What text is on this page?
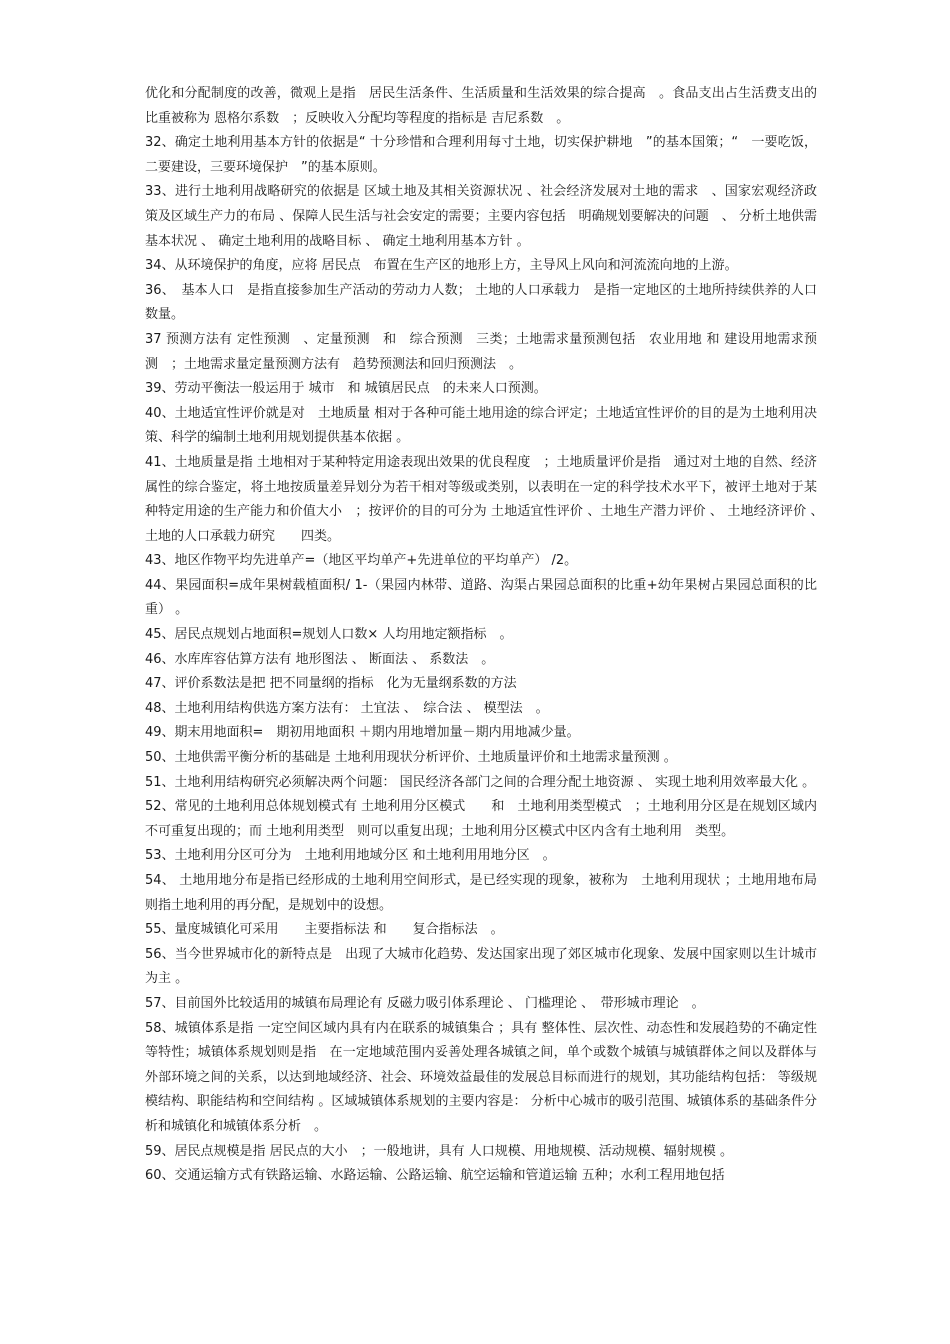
优化和分配制度的改善，微观上是指　居民生活条件、生活质量和生活效果的综合提高　。食品支出占生活费支出的比重被称为 恩格尔系数　；反映收入分配均等程度的指标是 吉尼系数　。

32、确定土地利用基本方针的依据是“ 十分珍惜和合理利用每寸土地，切实保护耕地　”的基本国策；“　一要吃饭，二要建设，三要环境保护　”的基本原则。

33、进行土地利用战略研究的依据是 区域土地及其相关资源状况 、社会经济发展对土地的需求　、国家宏观经济政策及区域生产力的布局 、保障人民生活与社会安定的需要；主要内容包括　明确规划要解决的问题　、 分析土地供需基本状况 、 确定土地利用的战略目标 、 确定土地利用基本方针 。

34、从环境保护的角度，应将 居民点　布置在生产区的地形上方，主导风上风向和河流流向地的上游。

36、　基本人口　是指直接参加生产活动的劳动力人数； 土地的人口承载力　是指一定地区的土地所持续供养的人口数量。

37 预测方法有 定性预测　、定量预测　和　综合预测　三类；土地需求量预测包括　农业用地 和 建设用地需求预测　；土地需求量定量预测方法有　趋势预测法和回归预测法　。

39、劳动平衡法一般运用于 城市　和 城镇居民点　的未来人口预测。

40、土地适宜性评价就是对　土地质量 相对于各种可能土地用途的综合评定；土地适宜性评价的目的是为土地利用决策、科学的编制土地利用规划提供基本依据 。

41、土地质量是指 土地相对于某种特定用途表现出效果的优良程度　；土地质量评价是指　通过对土地的自然、经济属性的综合鉴定，将土地按质量差异划分为若干相对等级或类别，以表明在一定的科学技术水平下，被评土地对于某种特定用途的生产能力和价值大小　；按评价的目的可分为 土地适宜性评价 、土地生产潜力评价 、 土地经济评价 、　土地的人口承载力研究　　四类。

43、地区作物平均先进单产=（地区平均单产+先进单位的平均单产） /2。

44、果园面积=成年果树载植面积/ 1-（果园内林带、道路、沟渠占果园总面积的比重+幼年果树占果园总面积的比重） 。

45、居民点规划占地面积=规划人口数× 人均用地定额指标　。

46、水库库容估算方法有 地形图法 、 断面法 、 系数法　。

47、评价系数法是把 把不同量纲的指标　化为无量纲系数的方法

48、土地利用结构供选方案方法有： 土宜法 、　综合法 、 模型法　。

49、期末用地面积=　期初用地面积 ＋期内用地增加量－期内用地减少量。

50、土地供需平衡分析的基础是 土地利用现状分析评价、土地质量评价和土地需求量预测 。

51、土地利用结构研究必须解决两个问题： 国民经济各部门之间的合理分配土地资源 、 实现土地利用效率最大化 。

52、常见的土地利用总体规划模式有 土地利用分区模式　　和　土地利用类型模式　；土地利用分区是在规划区域内不可重复出现的；而 土地利用类型　则可以重复出现；土地利用分区模式中区内含有土地利用　类型。

53、土地利用分区可分为　土地利用地域分区 和土地利用用地分区　。

54、 土地用地分布是指已经形成的土地利用空间形式，是已经实现的现象，被称为　土地利用现状 ；土地用地布局　则指土地利用的再分配，是规划中的设想。

55、量度城镇化可采用　　主要指标法 和　　复合指标法　。

56、当今世界城市化的新特点是　出现了大城市化趋势、发达国家出现了郊区城市化现象、发展中国家则以生计城市为主 。

57、目前国外比较适用的城镇布局理论有 反磁力吸引体系理论 、 门槛理论 、　带形城市理论　。

58、城镇体系是指 一定空间区域内具有内在联系的城镇集合 ；具有 整体性、层次性、动态性和发展趋势的不确定性　等特性；城镇体系规划则是指　在一定地域范围内妥善处理各城镇之间，单个或数个城镇与城镇群体之间以及群体与外部环境之间的关系，以达到地域经济、社会、环境效益最佳的发展总目标而进行的规划，其功能结构包括： 等级规模结构、职能结构和空间结构 。区域城镇体系规划的主要内容是： 分析中心城市的吸引范围、城镇体系的基础条件分析和城镇化和城镇体系分析　。

59、居民点规模是指 居民点的大小　；一般地讲，具有 人口规模、用地规模、活动规模、辐射规模 。

60、交通运输方式有铁路运输、水路运输、公路运输、航空运输和管道运输 五种；水利工程用地包括
